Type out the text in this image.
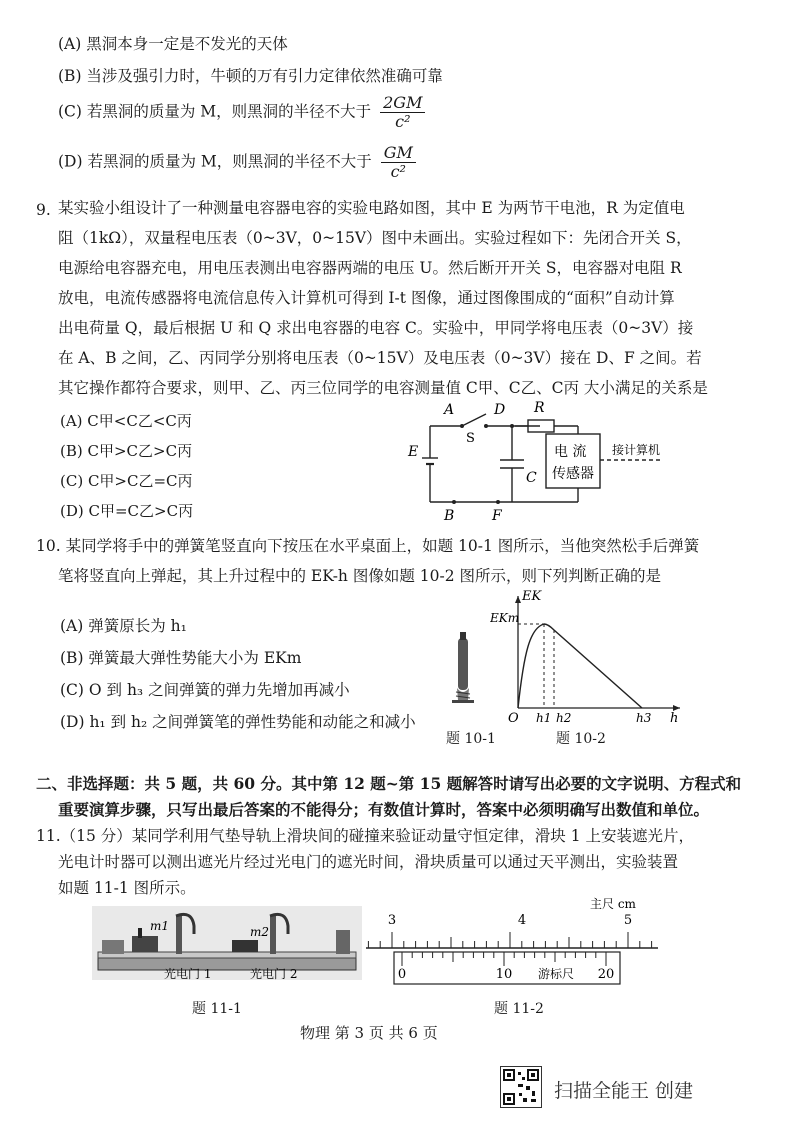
(A) 黑洞本身一定是不发光的天体
(B) 当涉及强引力时，牛顿的万有引力定律依然准确可靠
(C) 若黑洞的质量为 M，则黑洞的半径不大于 $\frac{2GM}{\text{c²}}$
(D) 若黑洞的质量为 M，则黑洞的半径不大于 $\frac{GM}{\text{c²}}$
9. 某实验小组设计了一种测量电容器电容的实验电路如图，其中 E 为两节干电池，R 为定值电
阻（1kΩ），双量程电压表（0~3V，0~15V）图中未画出。实验过程如下：先闭合开关 S，
电源给电容器充电，用电压表测出电容器两端的电压 U。然后断开开关 S，电容器对电阻 R
放电，电流传感器将电流信息传入计算机可得到 I-t 图像，通过图像围成的“面积”自动计算
出电荷量 Q，最后根据 U 和 Q 求出电容器的电容 C。实验中，甲同学将电压表（0~3V）接
在 A、B 之间，乙、丙同学分别将电压表（0~15V）及电压表（0~3V）接在 D、F 之间。若
其它操作都符合要求，则甲、乙、丙三位同学的电容测量值 C甲、C乙、C丙 大小满足的关系是
(A) C甲<C乙<C丙
(B) C甲>C乙>C丙
(C) C甲>C乙=C丙
(D) C甲=C乙>C丙
A	D R
S
E
C
B	F
电 流
传感器
接计算机
10. 某同学将手中的弹簧笔竖直向下按压在水平桌面上，如题 10-1 图所示，当他突然松手后弹簧
笔将竖直向上弹起，其上升过程中的 EK-h 图像如题 10-2 图所示，则下列判断正确的是
(A) 弹簧原长为 h₁
(B) 弹簧最大弹性势能大小为 EKm
(C) O 到 h₃ 之间弹簧的弹力先增加再减小
(D) h₁ 到 h₂ 之间弹簧笔的弹性势能和动能之和减小
题 10-1
EK
EKm
O h1 h2	h3 h
题 10-2
二、非选择题：共 5 题，共 60 分。其中第 12 题~第 15 题解答时请写出必要的文字说明、方程式和
重要演算步骤，只写出最后答案的不能得分；有数值计算时，答案中必须明确写出数值和单位。
11.（15 分）某同学利用气垫导轨上滑块间的碰撞来验证动量守恒定律，滑块 1 上安装遮光片，
光电计时器可以测出遮光片经过光电门的遮光时间，滑块质量可以通过天平测出，实验装置
如题 11-1 图所示。
m1	m2
光电门 1	光电门 2
题 11-1
3	4	5
主尺 cm
0	10	20
游标尺
题 11-2
物理 第 3 页 共 6 页
扫描全能王 创建
